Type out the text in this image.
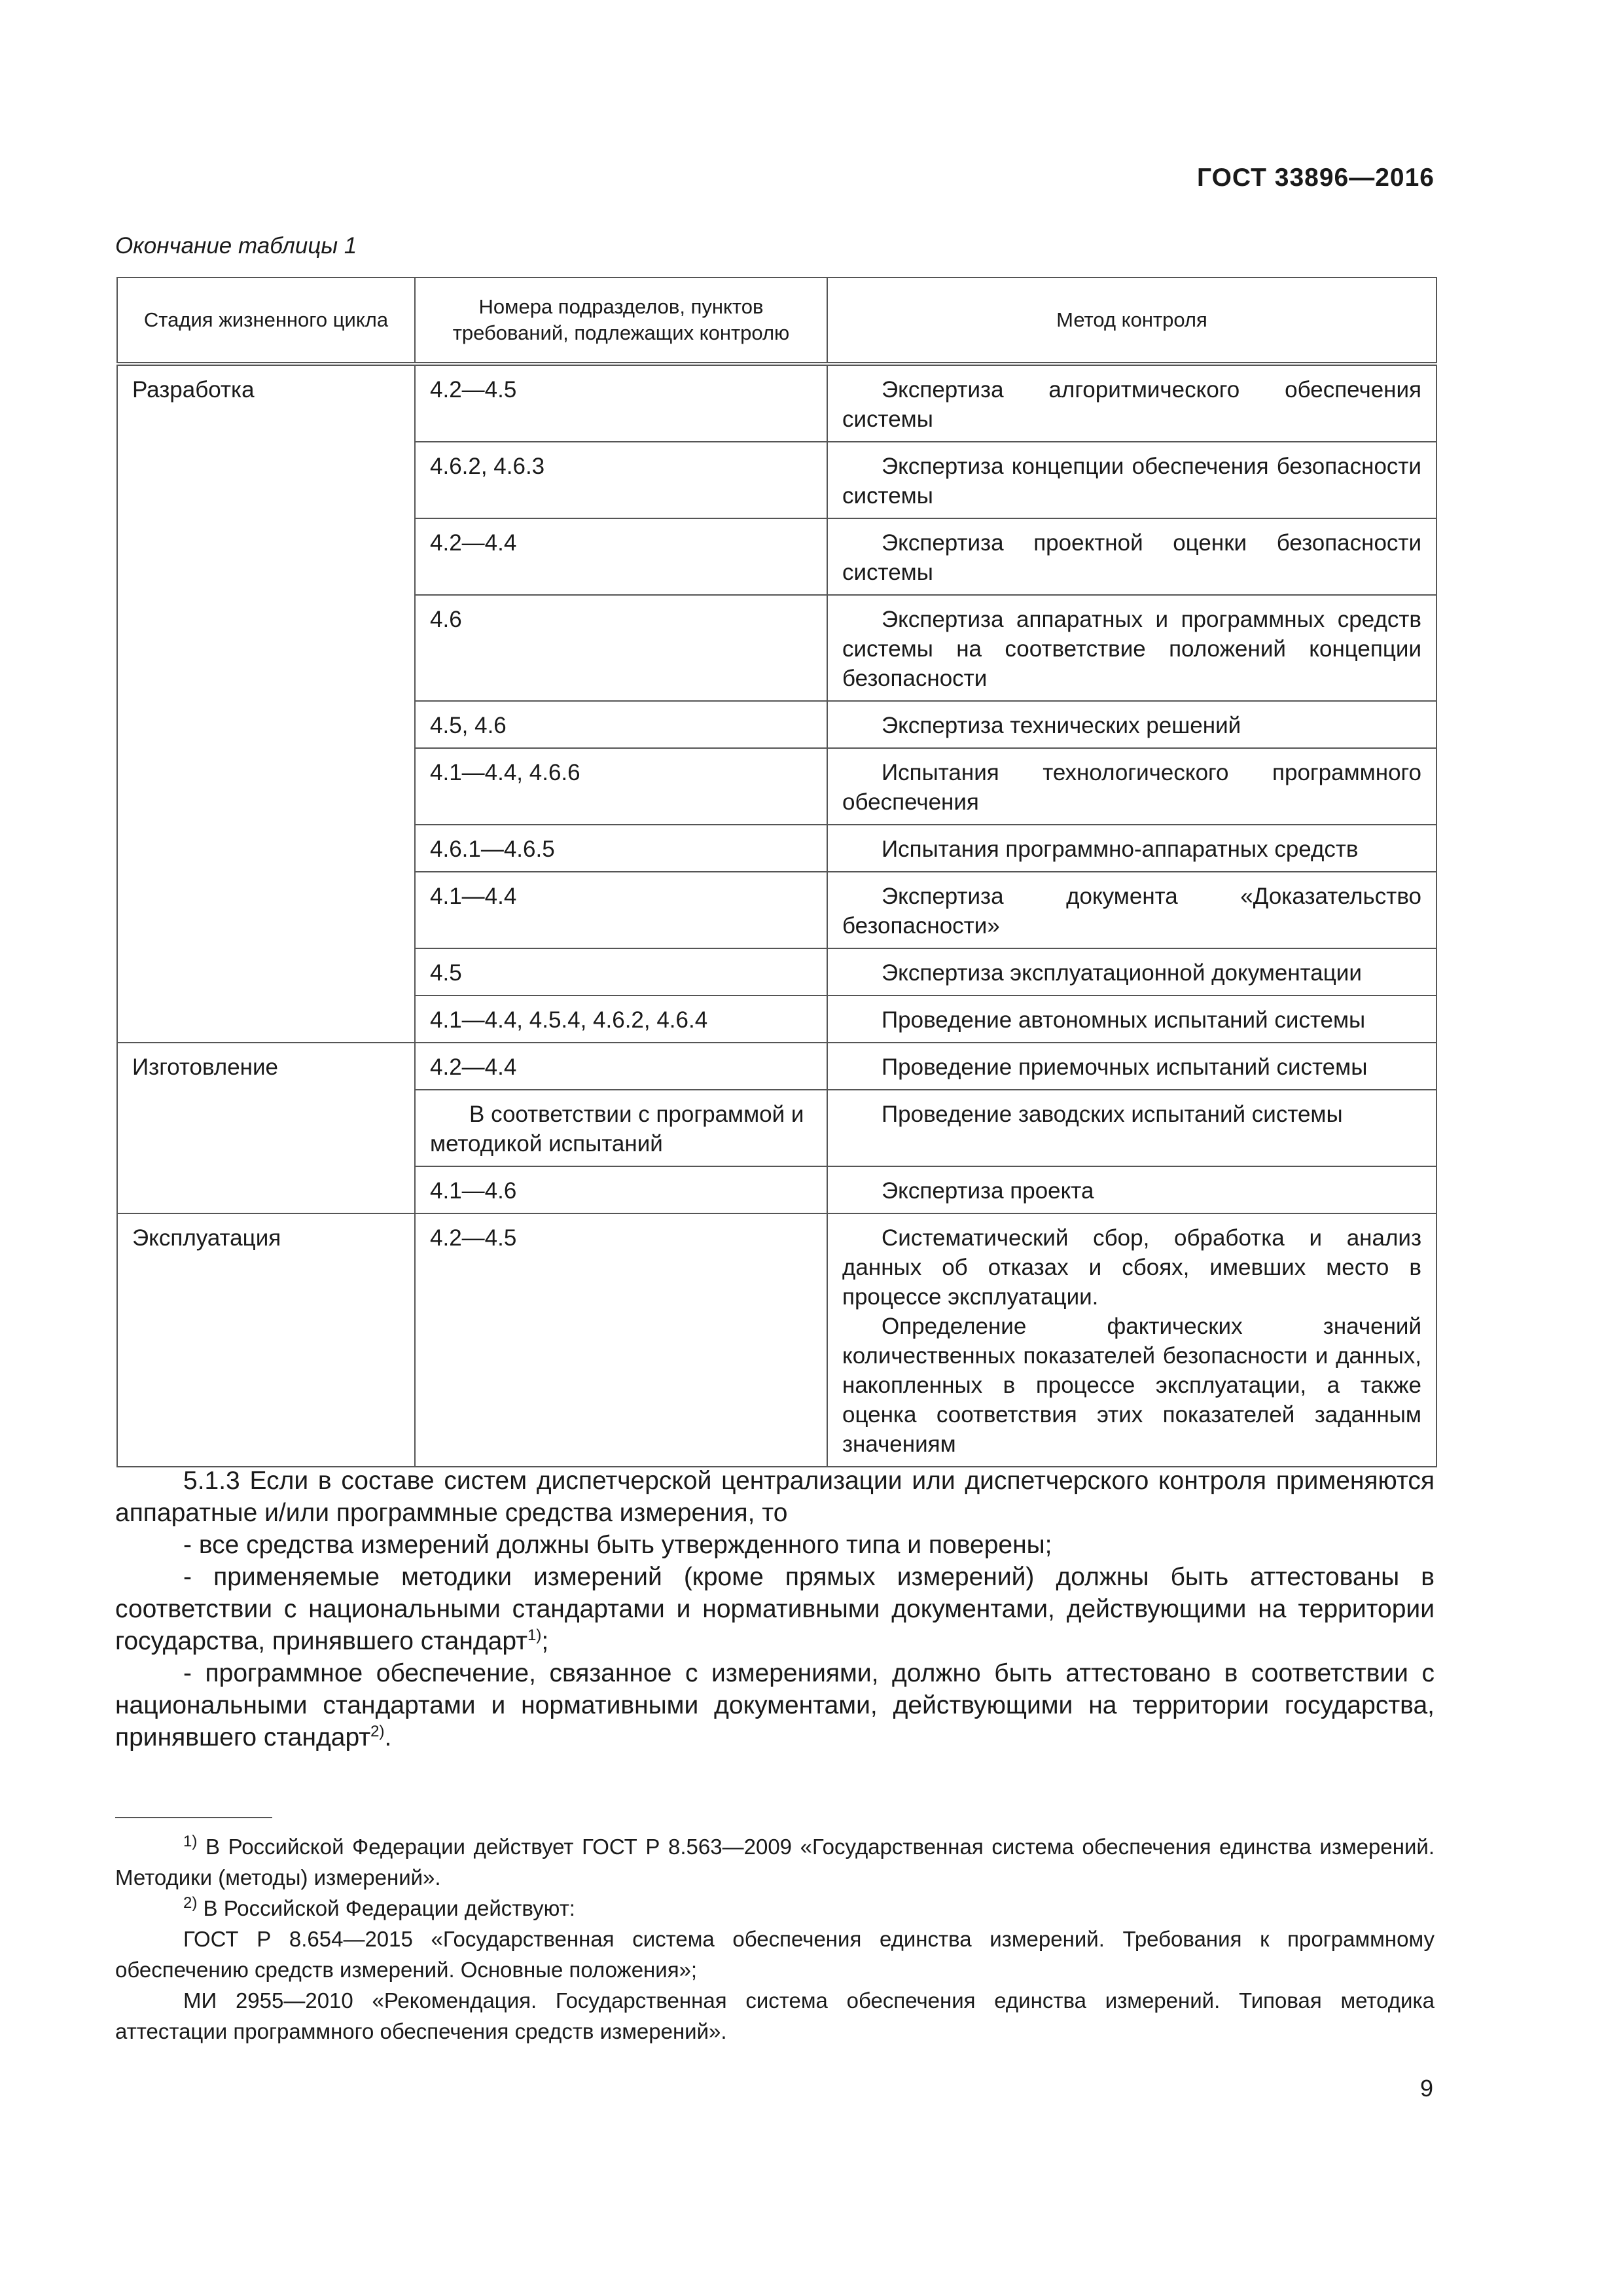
ГОСТ 33896—2016
Окончание таблицы 1
Стадия жизненного цикла	Номера подразделов, пунктов требований, подлежащих контролю	Метод контроля
Разработка	4.2—4.5	Экспертиза алгоритмического обеспечения системы

	4.6.2, 4.6.3	Экспертиза концепции обеспечения безопасности системы

	4.2—4.4	Экспертиза проектной оценки безопасности системы

	4.6	Экспертиза аппаратных и программных средств системы на соответствие положений концепции безопасности

	4.5, 4.6	Экспертиза технических решений

	4.1—4.4, 4.6.6	Испытания технологического программного обеспечения

	4.6.1—4.6.5	Испытания программно-аппаратных средств

	4.1—4.4	Экспертиза документа «Доказательство безопасности»

	4.5	Экспертиза эксплуатационной документации

	4.1—4.4, 4.5.4, 4.6.2, 4.6.4	Проведение автономных испытаний системы

Изготовление	4.2—4.4	Проведение приемочных испытаний системы

	В соответствии с программой и методикой испытаний	Проведение заводских испытаний системы

	4.1—4.6	Экспертиза проекта

Эксплуатация	4.2—4.5	Систематический сбор, обработка и анализ данных об отказах и сбоях, имевших место в процессе эксплуатации.

Определение фактических значений количественных показателей безопасности и данных, накопленных в процессе эксплуатации, а также оценка соответствия этих показателей заданным значениям

5.1.3 Если в составе систем диспетчерской централизации или диспетчерского контроля применяются аппаратные и/или программные средства измерения, то

- все средства измерений должны быть утвержденного типа и поверены;

- применяемые методики измерений (кроме прямых измерений) должны быть аттестованы в соответствии с национальными стандартами и нормативными документами, действующими на территории государства, принявшего стандарт$^{1)}$;

- программное обеспечение, связанное с измерениями, должно быть аттестовано в соответствии с национальными стандартами и нормативными документами, действующими на территории государства, принявшего стандарт$^{2)}$.

$^{1)}$ В Российской Федерации действует ГОСТ Р 8.563—2009 «Государственная система обеспечения единства измерений. Методики (методы) измерений».

$^{2)}$ В Российской Федерации действуют:

ГОСТ Р 8.654—2015 «Государственная система обеспечения единства измерений. Требования к программному обеспечению средств измерений. Основные положения»;

МИ 2955—2010 «Рекомендация. Государственная система обеспечения единства измерений. Типовая методика аттестации программного обеспечения средств измерений».

9
